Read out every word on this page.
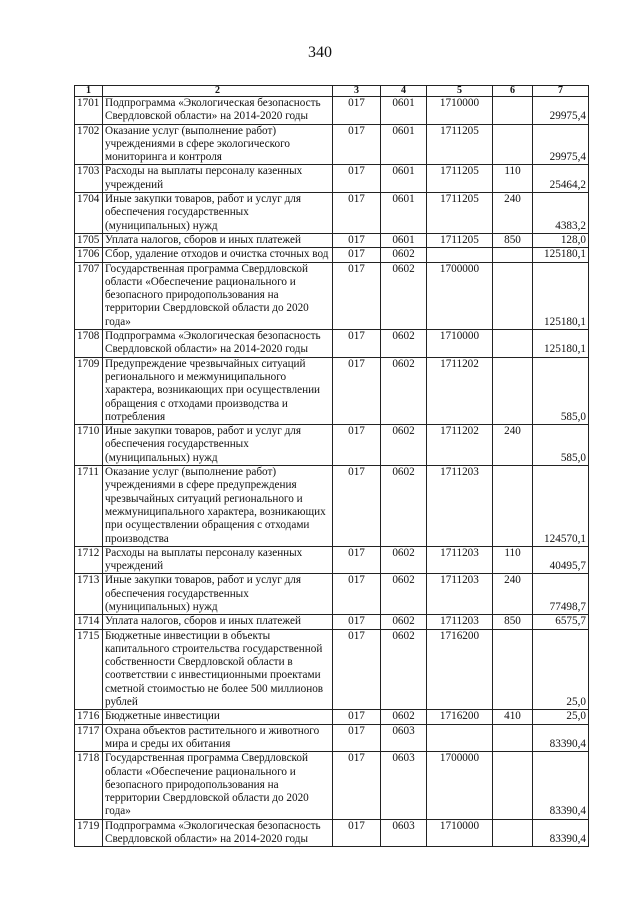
340
1	2	3	4	5	6	7
1701	Подпрограмма «Экологическая безопасность Свердловской области» на 2014-2020 годы	017	0601	1710000		29975,4
1702	Оказание услуг (выполнение работ) учреждениями в сфере экологического мониторинга и контроля	017	0601	1711205		29975,4
1703	Расходы на выплаты персоналу казенных учреждений	017	0601	1711205	110	25464,2
1704	Иные закупки товаров, работ и услуг для обеспечения государственных (муниципальных) нужд	017	0601	1711205	240	4383,2
1705	Уплата налогов, сборов и иных платежей	017	0601	1711205	850	128,0
1706	Сбор, удаление отходов и очистка сточных вод	017	0602			125180,1
1707	Государственная программа Свердловской области «Обеспечение рационального и безопасного природопользования на территории Свердловской области до 2020 года»	017	0602	1700000		125180,1
1708	Подпрограмма «Экологическая безопасность Свердловской области» на 2014-2020 годы	017	0602	1710000		125180,1
1709	Предупреждение чрезвычайных ситуаций регионального и межмуниципального характера, возникающих при осуществлении обращения с отходами производства и потребления	017	0602	1711202		585,0
1710	Иные закупки товаров, работ и услуг для обеспечения государственных (муниципальных) нужд	017	0602	1711202	240	585,0
1711	Оказание услуг (выполнение работ) учреждениями в сфере предупреждения чрезвычайных ситуаций регионального и межмуниципального характера, возникающих при осуществлении обращения с отходами производства	017	0602	1711203		124570,1
1712	Расходы на выплаты персоналу казенных учреждений	017	0602	1711203	110	40495,7
1713	Иные закупки товаров, работ и услуг для обеспечения государственных (муниципальных) нужд	017	0602	1711203	240	77498,7
1714	Уплата налогов, сборов и иных платежей	017	0602	1711203	850	6575,7
1715	Бюджетные инвестиции в объекты капитального строительства государственной собственности Свердловской области в соответствии с инвестиционными проектами сметной стоимостью не более 500 миллионов рублей	017	0602	1716200		25,0
1716	Бюджетные инвестиции	017	0602	1716200	410	25,0
1717	Охрана объектов растительного и животного мира и среды их обитания	017	0603			83390,4
1718	Государственная программа Свердловской области «Обеспечение рационального и безопасного природопользования на территории Свердловской области до 2020 года»	017	0603	1700000		83390,4
1719	Подпрограмма «Экологическая безопасность Свердловской области» на 2014-2020 годы	017	0603	1710000		83390,4
